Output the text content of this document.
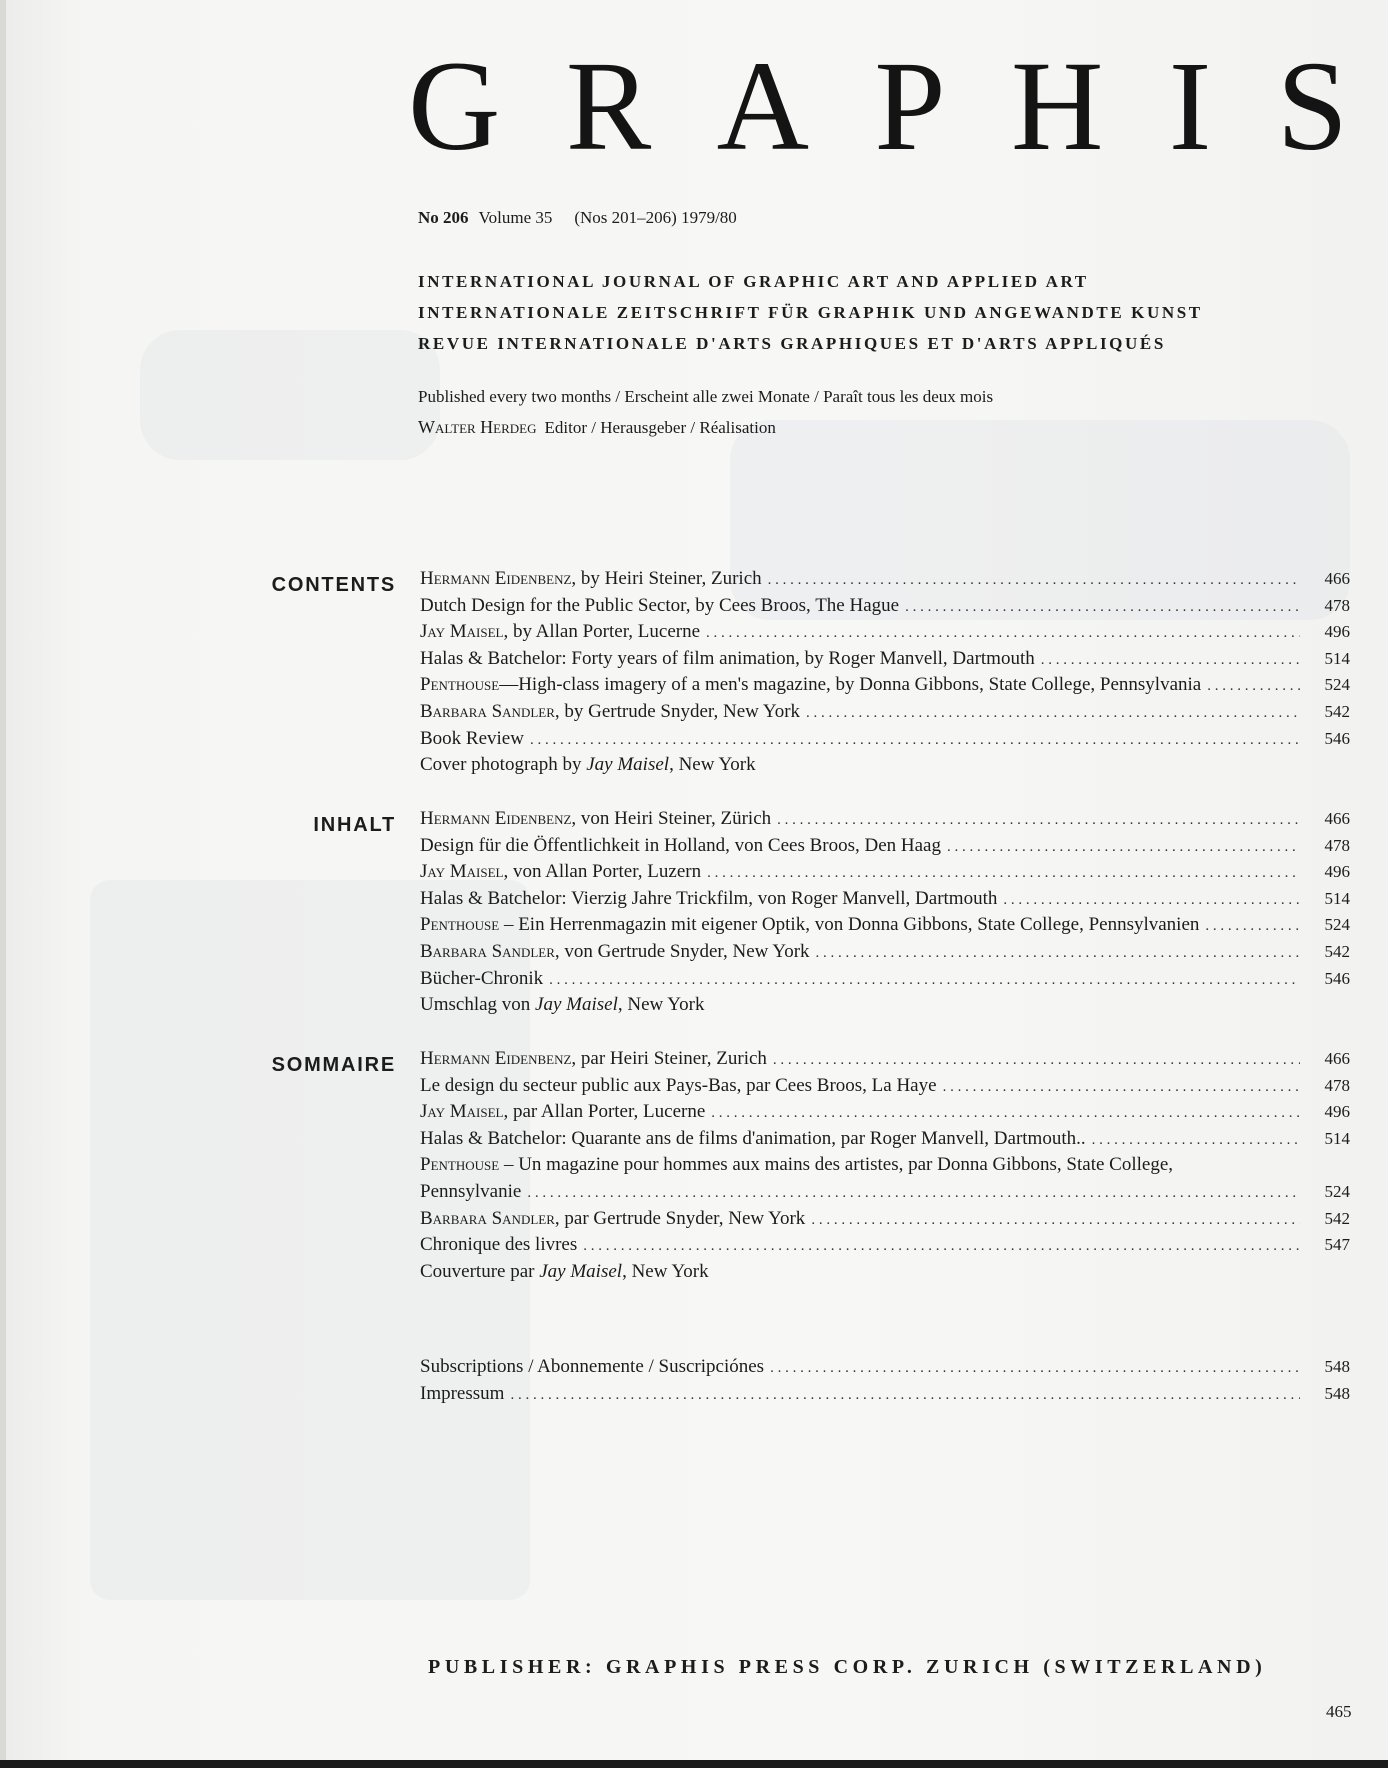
G R A P H I S
No 206 Volume 35 (Nos 201–206) 1979/80
INTERNATIONAL JOURNAL OF GRAPHIC ART AND APPLIED ART
INTERNATIONALE ZEITSCHRIFT FÜR GRAPHIK UND ANGEWANDTE KUNST
REVUE INTERNATIONALE D'ARTS GRAPHIQUES ET D'ARTS APPLIQUÉS
Published every two months / Erscheint alle zwei Monate / Paraît tous les deux mois
Walter Herdeg Editor / Herausgeber / Réalisation
CONTENTS Hermann Eidenbenz, by Heiri Steiner, Zurich . . .	466
Dutch Design for the Public Sector, by Cees Broos, The Hague . . .	478
Jay Maisel, by Allan Porter, Lucerne . . .	496
Halas & Batchelor: Forty years of film animation, by Roger Manvell, Dartmouth . . .	514
Penthouse—High-class imagery of a men's magazine, by Donna Gibbons, State College, Pennsylvania . . .	524
Barbara Sandler, by Gertrude Snyder, New York . . .	542
Book Review . . .	546
Cover photograph by Jay Maisel, New York
INHALT Hermann Eidenbenz, von Heiri Steiner, Zürich . . .	466
Design für die Öffentlichkeit in Holland, von Cees Broos, Den Haag . . .	478
Jay Maisel, von Allan Porter, Luzern . . .	496
Halas & Batchelor: Vierzig Jahre Trickfilm, von Roger Manvell, Dartmouth . . .	514
Penthouse – Ein Herrenmagazin mit eigener Optik, von Donna Gibbons, State College, Pennsylvanien . . .	524
Barbara Sandler, von Gertrude Snyder, New York . . .	542
Bücher-Chronik . . .	546
Umschlag von Jay Maisel, New York
SOMMAIRE Hermann Eidenbenz, par Heiri Steiner, Zurich . . .	466
Le design du secteur public aux Pays-Bas, par Cees Broos, La Haye . . .	478
Jay Maisel, par Allan Porter, Lucerne . . .	496
Halas & Batchelor: Quarante ans de films d'animation, par Roger Manvell, Dartmouth.. . . .	514
Penthouse – Un magazine pour hommes aux mains des artistes, par Donna Gibbons, State College,
Pennsylvanie . . .	524
Barbara Sandler, par Gertrude Snyder, New York . . .	542
Chronique des livres . . .	547
Couverture par Jay Maisel, New York
Subscriptions / Abonnemente / Suscripciónes . . .	548
Impressum . . .	548
PUBLISHER: GRAPHIS PRESS CORP. ZURICH (SWITZERLAND)
465
